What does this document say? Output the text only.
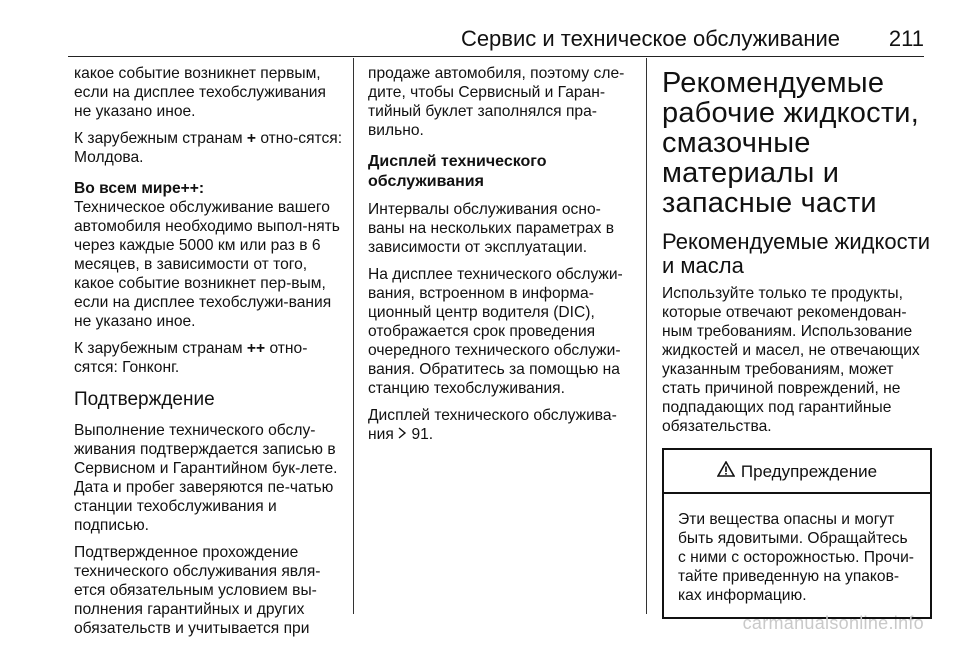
Сервис и техническое обслуживание 211

какое событие возникнет первым, если на дисплее техобслуживания не указано иное.

К зарубежным странам + отно-сятся: Молдова.

Во всем мире++:

Техническое обслуживание вашего автомобиля необходимо выпол-нять через каждые 5000 км или раз в 6 месяцев, в зависимости от того, какое событие возникнет пер-вым, если на дисплее техобслужи-вания не указано иное.

К зарубежным странам ++ отно-сятся: Гонконг.

Подтверждение

Выполнение технического обслу-живания подтверждается записью в Сервисном и Гарантийном бук-лете. Дата и пробег заверяются пе-чатью станции техобслуживания и подписью.

Подтвержденное прохождение технического обслуживания явля-ется обязательным условием вы-полнения гарантийных и других обязательств и учитывается при

продаже автомобиля, поэтому сле-дите, чтобы Сервисный и Гаран-тийный буклет заполнялся пра-вильно.

Дисплей технического обслуживания

Интервалы обслуживания осно-ваны на нескольких параметрах в зависимости от эксплуатации.

На дисплее технического обслужи-вания, встроенном в информа-ционный центр водителя (DIC), отображается срок проведения очередного технического обслужи-вания. Обратитесь за помощью на станцию техобслуживания.

Дисплей технического обслужива-ния  91.

Рекомендуемые рабочие жидкости, смазочные материалы и запасные части
Рекомендуемые жидкости и масла

Используйте только те продукты, которые отвечают рекомендован-ным требованиям. Использование жидкостей и масел, не отвечающих указанным требованиям, может стать причиной повреждений, не подпадающих под гарантийные обязательства.

Предупреждение
Эти вещества опасны и могут быть ядовитыми. Обращайтесь с ними с осторожностью. Прочи-тайте приведенную на упаков-ках информацию.
carmanualsonline.info
